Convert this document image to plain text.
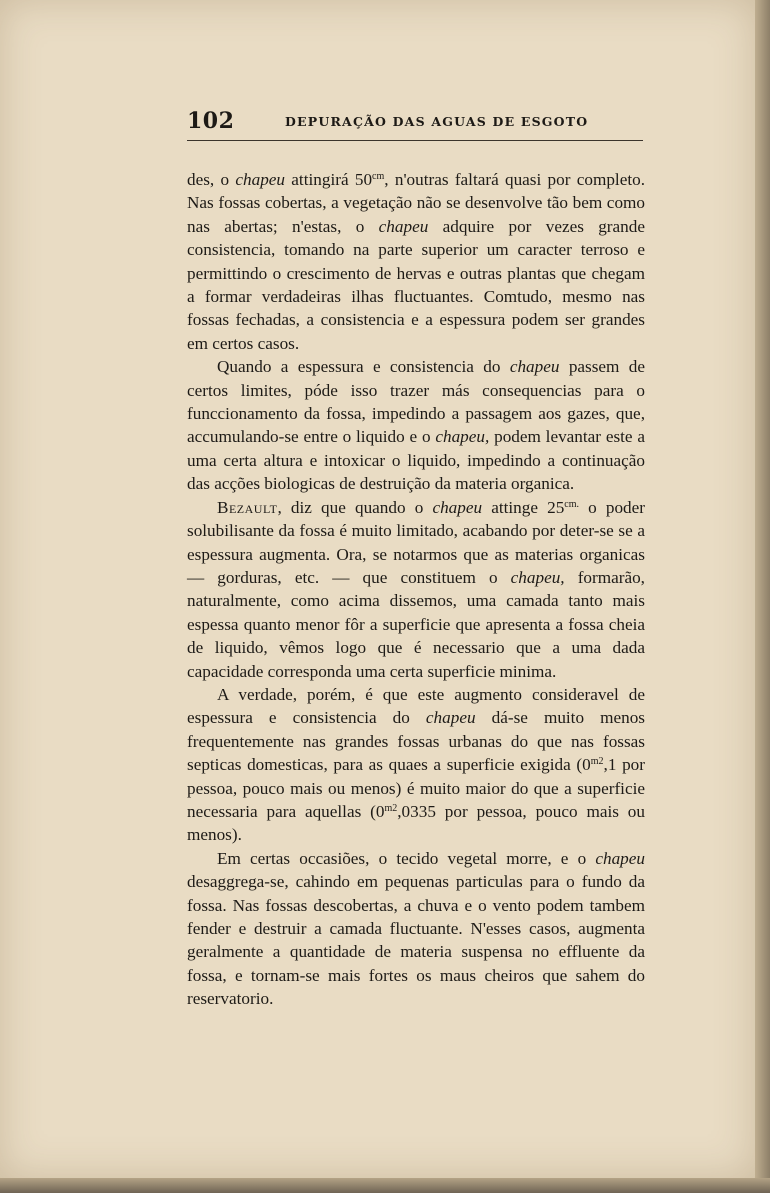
102	DEPURAÇÃO DAS AGUAS DE ESGOTO

des, o chapeu attingirá $50^{cm}$, n'outras faltará quasi por completo. Nas fossas cobertas, a vegetação não se desenvolve tão bem como nas abertas; n'estas, o chapeu adquire por vezes grande consistencia, tomando na parte superior um caracter terroso e permittindo o crescimento de hervas e outras plantas que chegam a formar verdadeiras ilhas fluctuantes. Comtudo, mesmo nas fossas fechadas, a consistencia e a espessura podem ser grandes em certos casos.

Quando a espessura e consistencia do chapeu passem de certos limites, póde isso trazer más consequencias para o funccionamento da fossa, impedindo a passagem aos gazes, que, accumulando-se entre o liquido e o chapeu, podem levantar este a uma certa altura e intoxicar o liquido, impedindo a continuação das acções biologicas de destruição da materia organica.

Bezault, diz que quando o chapeu attinge $25^{cm.}$ o poder solubilisante da fossa é muito limitado, acabando por deter-se se a espessura augmenta. Ora, se notarmos que as materias organicas — gorduras, etc. — que constituem o chapeu, formarão, naturalmente, como acima dissemos, uma camada tanto mais espessa quanto menor fôr a superficie que apresenta a fossa cheia de liquido, vêmos logo que é necessario que a uma dada capacidade corresponda uma certa superficie minima.

A verdade, porém, é que este augmento consideravel de espessura e consistencia do chapeu dá-se muito menos frequentemente nas grandes fossas urbanas do que nas fossas septicas domesticas, para as quaes a superficie exigida ($0^{m2},1$ por pessoa, pouco mais ou menos) é muito maior do que a superficie necessaria para aquellas ($0^{m2},0335$ por pessoa, pouco mais ou menos).

Em certas occasiões, o tecido vegetal morre, e o chapeu desaggrega-se, cahindo em pequenas particulas para o fundo da fossa. Nas fossas descobertas, a chuva e o vento podem tambem fender e destruir a camada fluctuante. N'esses casos, augmenta geralmente a quantidade de materia suspensa no effluente da fossa, e tornam-se mais fortes os maus cheiros que sahem do reservatorio.
